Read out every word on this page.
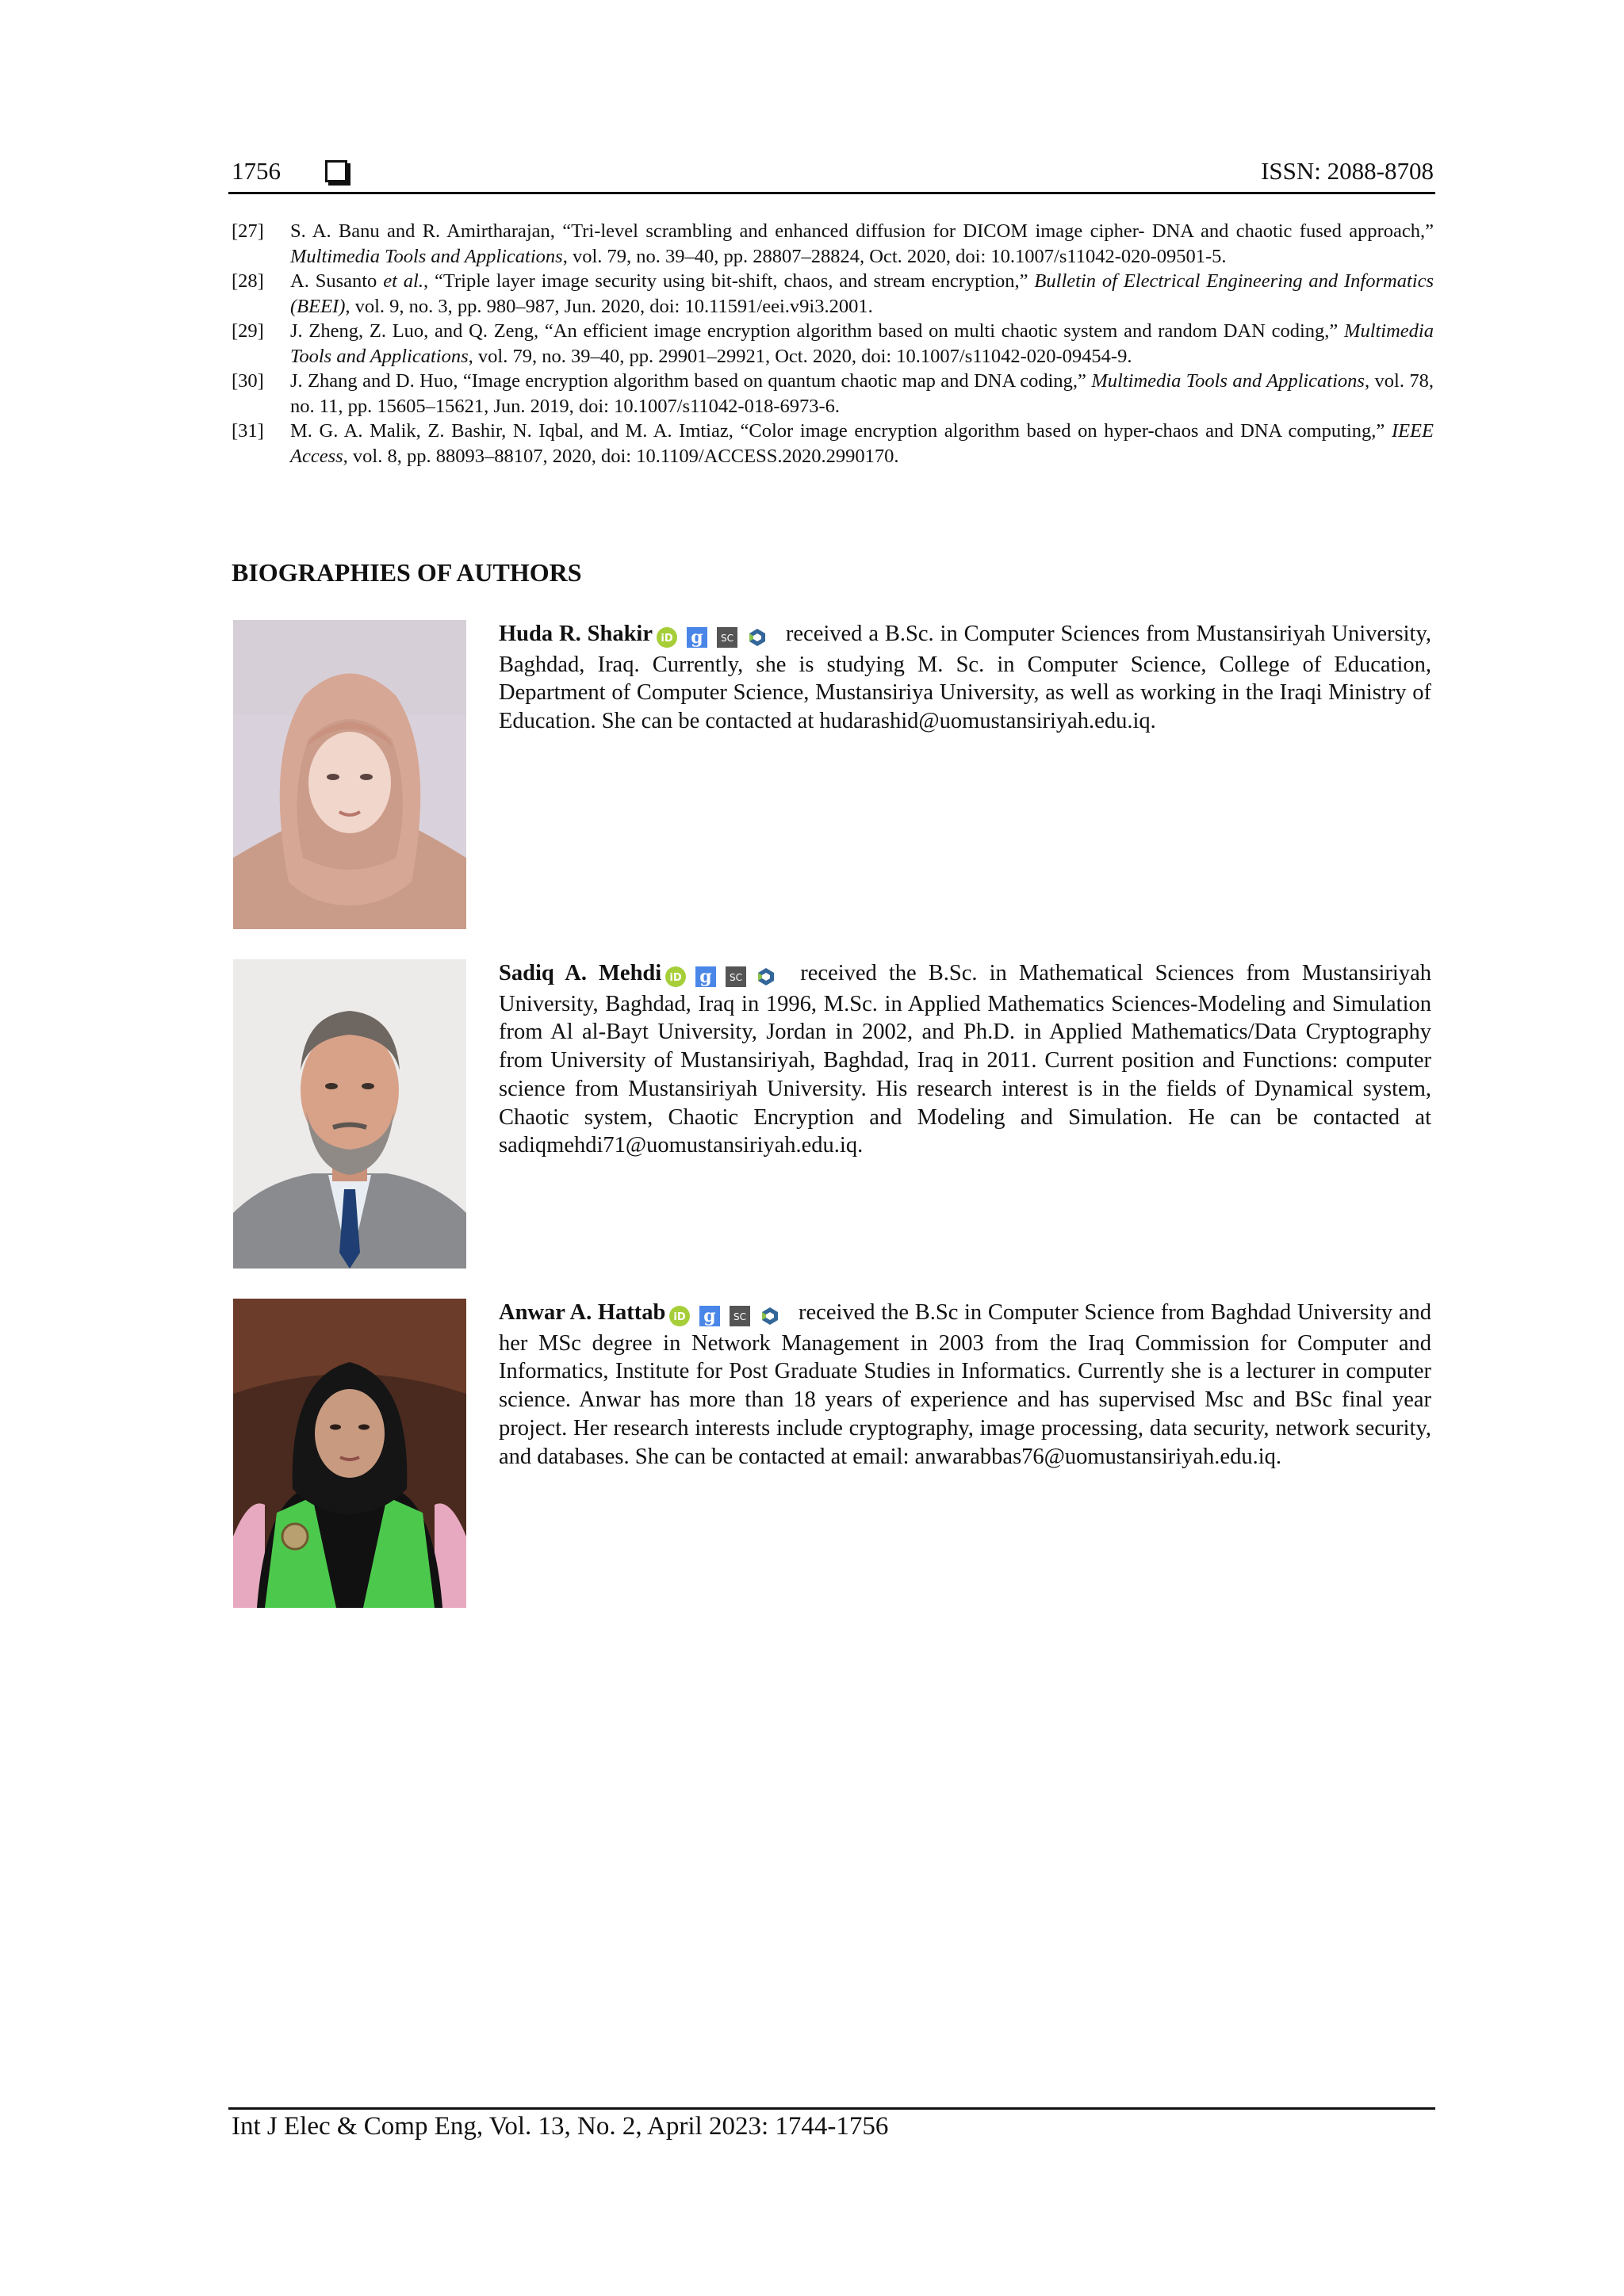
1756	ISSN: 2088-8708
[27]	S. A. Banu and R. Amirtharajan, “Tri-level scrambling and enhanced diffusion for DICOM image cipher- DNA and chaotic fused approach,” Multimedia Tools and Applications, vol. 79, no. 39–40, pp. 28807–28824, Oct. 2020, doi: 10.1007/s11042-020-09501-5.
[28]	A. Susanto et al., “Triple layer image security using bit-shift, chaos, and stream encryption,” Bulletin of Electrical Engineering and Informatics (BEEI), vol. 9, no. 3, pp. 980–987, Jun. 2020, doi: 10.11591/eei.v9i3.2001.
[29]	J. Zheng, Z. Luo, and Q. Zeng, “An efficient image encryption algorithm based on multi chaotic system and random DAN coding,” Multimedia Tools and Applications, vol. 79, no. 39–40, pp. 29901–29921, Oct. 2020, doi: 10.1007/s11042-020-09454-9.
[30]	J. Zhang and D. Huo, “Image encryption algorithm based on quantum chaotic map and DNA coding,” Multimedia Tools and Applications, vol. 78, no. 11, pp. 15605–15621, Jun. 2019, doi: 10.1007/s11042-018-6973-6.
[31]	M. G. A. Malik, Z. Bashir, N. Iqbal, and M. A. Imtiaz, “Color image encryption algorithm based on hyper-chaos and DNA computing,” IEEE Access, vol. 8, pp. 88093–88107, 2020, doi: 10.1109/ACCESS.2020.2990170.
BIOGRAPHIES OF AUTHORS
Huda R. Shakir iD g SC received a B.Sc. in Computer Sciences from Mustansiriyah University, Baghdad, Iraq. Currently, she is studying M. Sc. in Computer Science, College of Education, Department of Computer Science, Mustansiriya University, as well as working in the Iraqi Ministry of Education. She can be contacted at hudarashid@uomustansiriyah.edu.iq.
Sadiq A. Mehdi iD g SC received the B.Sc. in Mathematical Sciences from Mustansiriyah University, Baghdad, Iraq in 1996, M.Sc. in Applied Mathematics Sciences-Modeling and Simulation from Al al-Bayt University, Jordan in 2002, and Ph.D. in Applied Mathematics/Data Cryptography from University of Mustansiriyah, Baghdad, Iraq in 2011. Current position and Functions: computer science from Mustansiriyah University. His research interest is in the fields of Dynamical system, Chaotic system, Chaotic Encryption and Modeling and Simulation. He can be contacted at sadiqmehdi71@uomustansiriyah.edu.iq.
Anwar A. Hattab iD g SC received the B.Sc in Computer Science from Baghdad University and her MSc degree in Network Management in 2003 from the Iraq Commission for Computer and Informatics, Institute for Post Graduate Studies in Informatics. Currently she is a lecturer in computer science. Anwar has more than 18 years of experience and has supervised Msc and BSc final year project. Her research interests include cryptography, image processing, data security, network security, and databases. She can be contacted at email: anwarabbas76@uomustansiriyah.edu.iq.
Int J Elec & Comp Eng, Vol. 13, No. 2, April 2023: 1744-1756
